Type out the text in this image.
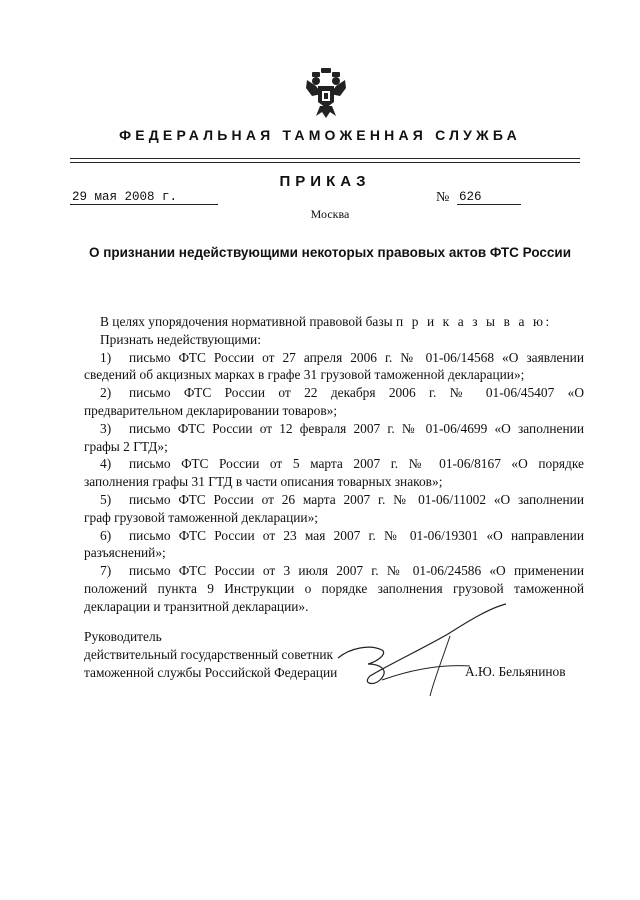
ФЕДЕРАЛЬНАЯ ТАМОЖЕННАЯ СЛУЖБА
ПРИКАЗ
29 мая 2008 г.	№ 626
Москва
О признании недействующими некоторых правовых актов ФТС России
В целях упорядочения нормативной правовой базы п р и к а з ы в а ю:
Признать недействующими:
1) письмо ФТС России от 27 апреля 2006 г. № 01-06/14568 «О заявлении
сведений об акцизных марках в графе 31 грузовой таможенной декларации»;
2) письмо ФТС России от 22 декабря 2006 г. № 01-06/45407 «О
предварительном декларировании товаров»;
3) письмо ФТС России от 12 февраля 2007 г. № 01-06/4699 «О заполнении
графы 2 ГТД»;
4) письмо ФТС России от 5 марта 2007 г. № 01-06/8167 «О порядке
заполнения графы 31 ГТД в части описания товарных знаков»;
5) письмо ФТС России от 26 марта 2007 г. № 01-06/11002 «О заполнении
граф грузовой таможенной декларации»;
6) письмо ФТС России от 23 мая 2007 г. № 01-06/19301 «О направлении
разъяснений»;
7) письмо ФТС России от 3 июля 2007 г. № 01-06/24586 «О применении
положений пункта 9 Инструкции о порядке заполнения грузовой таможенной
декларации и транзитной декларации».
Руководитель
действительный государственный советник
таможенной службы Российской Федерации	А.Ю. Бельянинов
